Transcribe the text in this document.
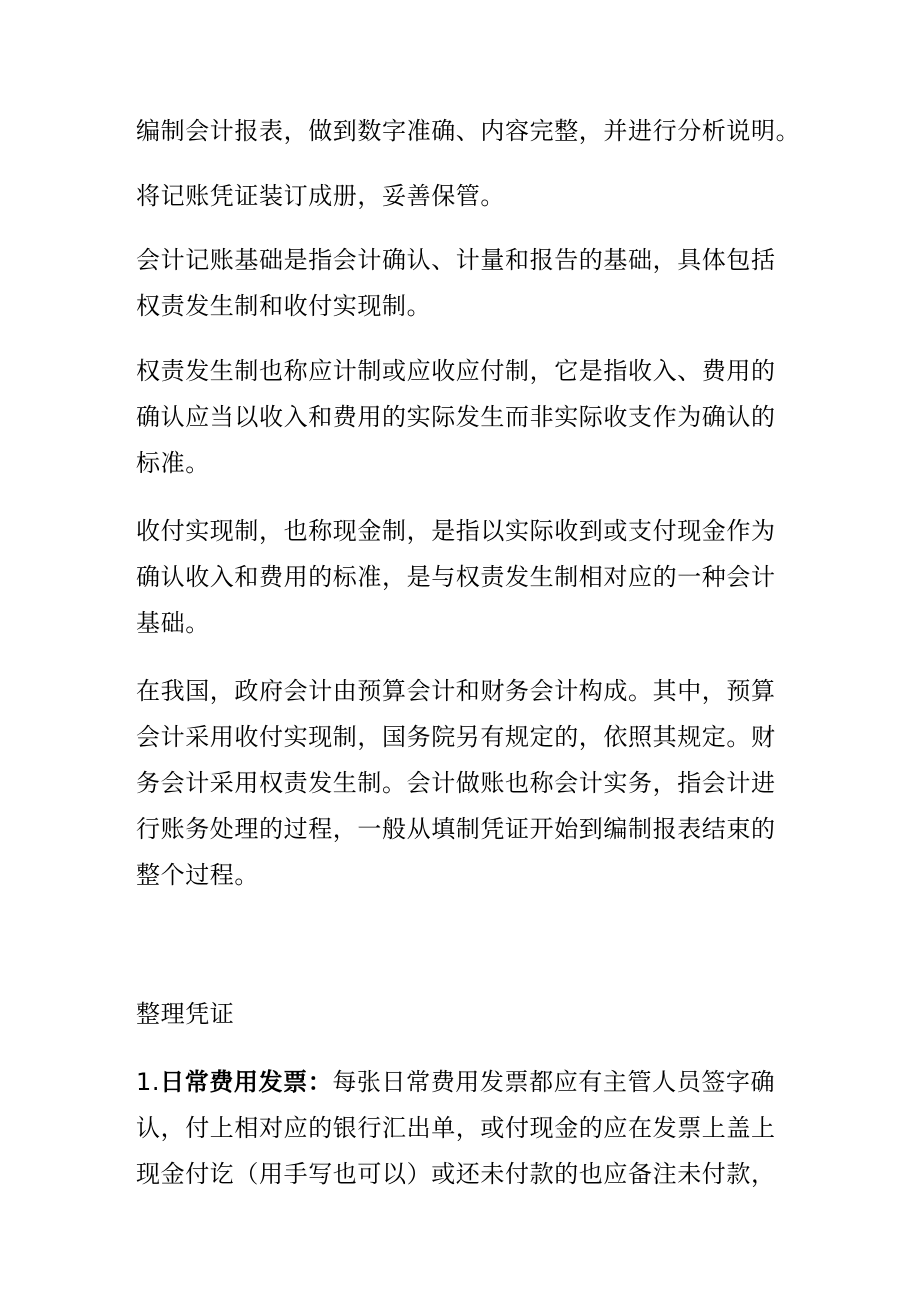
编制会计报表，做到数字准确、内容完整，并进行分析说明。

将记账凭证装订成册，妥善保管。

会计记账基础是指会计确认、计量和报告的基础，具体包括
权责发生制和收付实现制。

权责发生制也称应计制或应收应付制，它是指收入、费用的
确认应当以收入和费用的实际发生而非实际收支作为确认的
标准。

收付实现制，也称现金制，是指以实际收到或支付现金作为
确认收入和费用的标准，是与权责发生制相对应的一种会计
基础。

在我国，政府会计由预算会计和财务会计构成。其中，预算
会计采用收付实现制，国务院另有规定的，依照其规定。财
务会计采用权责发生制。会计做账也称会计实务，指会计进
行账务处理的过程，一般从填制凭证开始到编制报表结束的
整个过程。

整理凭证

1.日常费用发票：每张日常费用发票都应有主管人员签字确
认，付上相对应的银行汇出单，或付现金的应在发票上盖上
现金付讫（用手写也可以）或还未付款的也应备注未付款，
